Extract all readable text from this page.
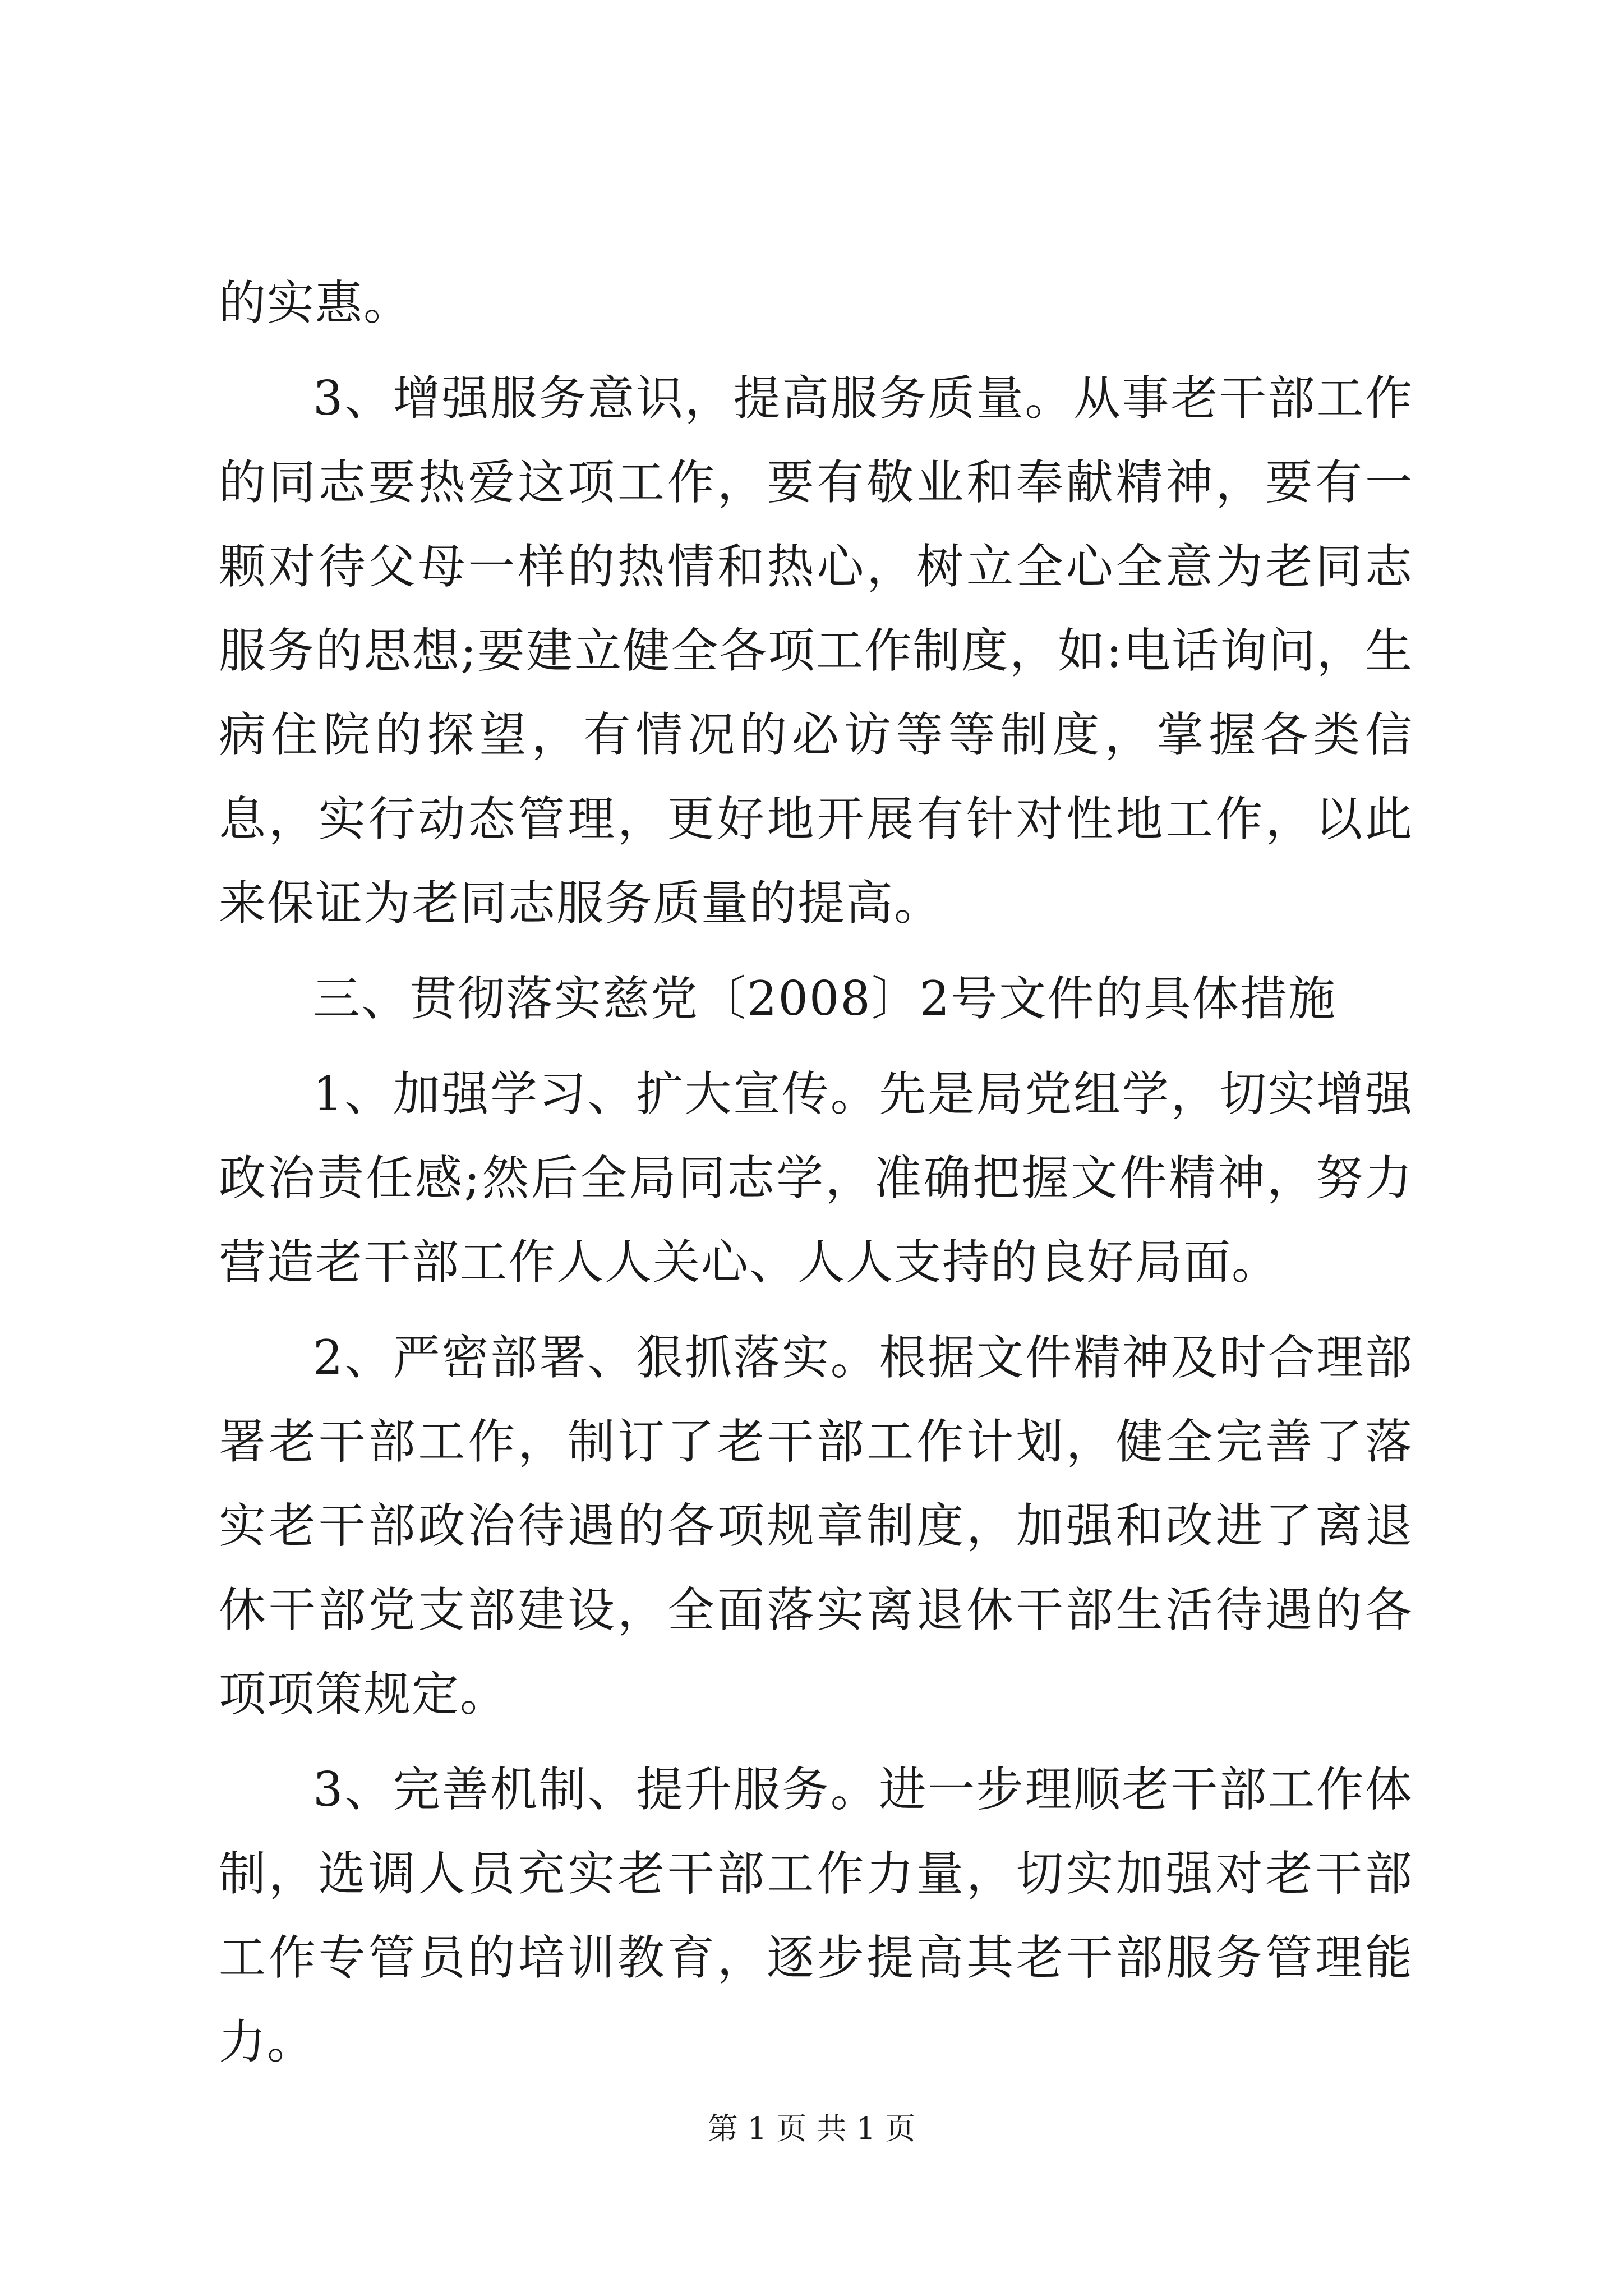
的实惠。

3、增强服务意识，提高服务质量。从事老干部工作的同志要热爱这项工作，要有敬业和奉献精神，要有一颗对待父母一样的热情和热心，树立全心全意为老同志服务的思想;要建立健全各项工作制度，如:电话询问，生病住院的探望，有情况的必访等等制度，掌握各类信息，实行动态管理，更好地开展有针对性地工作，以此来保证为老同志服务质量的提高。

三、贯彻落实慈党〔2008〕2号文件的具体措施

1、加强学习、扩大宣传。先是局党组学，切实增强政治责任感;然后全局同志学，准确把握文件精神，努力营造老干部工作人人关心、人人支持的良好局面。

2、严密部署、狠抓落实。根据文件精神及时合理部署老干部工作，制订了老干部工作计划，健全完善了落实老干部政治待遇的各项规章制度，加强和改进了离退休干部党支部建设，全面落实离退休干部生活待遇的各项项策规定。

3、完善机制、提升服务。进一步理顺老干部工作体制，选调人员充实老干部工作力量，切实加强对老干部工作专管员的培训教育，逐步提高其老干部服务管理能力。

第 1 页 共 1 页
